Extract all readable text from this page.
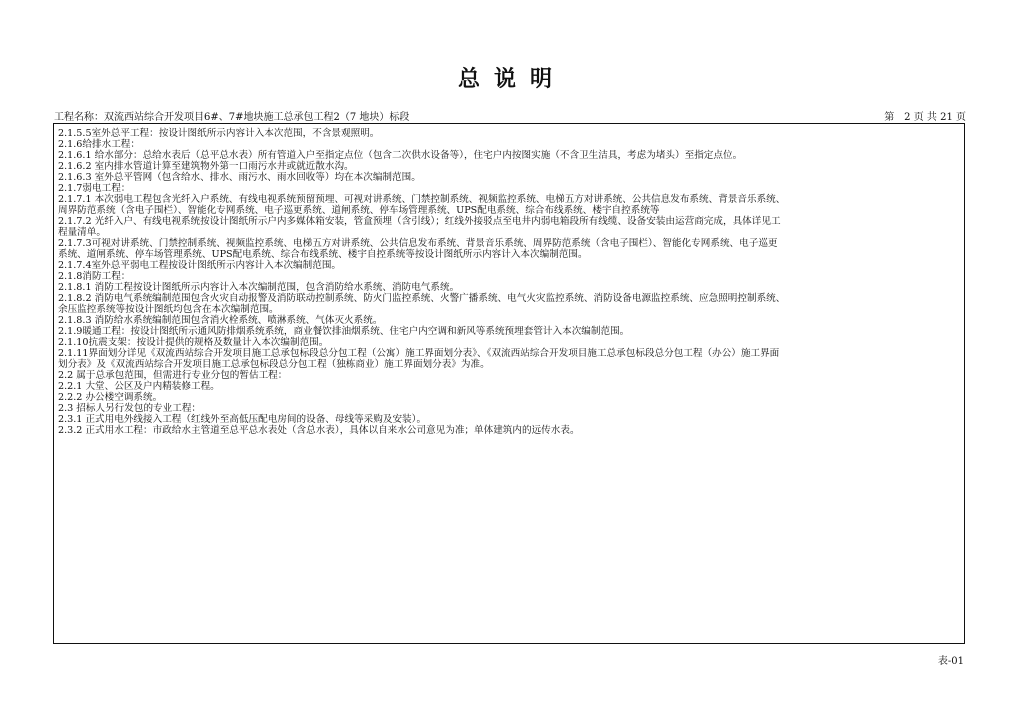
总说明
工程名称：双流西站综合开发项目6#、7#地块施工总承包工程2（7 地块）标段	第　2 页 共 21 页
2.1.5.5室外总平工程：按设计图纸所示内容计入本次范围，不含景观照明。
2.1.6给排水工程：
2.1.6.1 给水部分：总给水表后（总平总水表）所有管道入户至指定点位（包含二次供水设备等），住宅户内按图实施（不含卫生洁具，考虑为堵头）至指定点位。
2.1.6.2 室内排水管道计算至建筑物外第一口雨污水井或就近散水沟。
2.1.6.3 室外总平管网（包含给水、排水、雨污水、雨水回收等）均在本次编制范围。
2.1.7弱电工程：
2.1.7.1 本次弱电工程包含光纤入户系统、有线电视系统预留预埋、可视对讲系统、门禁控制系统、视频监控系统、电梯五方对讲系统、公共信息发布系统、背景音乐系统、
周界防范系统（含电子围栏）、智能化专网系统、电子巡更系统、道闸系统、停车场管理系统、UPS配电系统、综合布线系统、楼宇自控系统等
2.1.7.2 光纤入户、有线电视系统按设计图纸所示户内多媒体箱安装，管盒预埋（含引线）；红线外接驳点至电井内弱电箱段所有线缆、设备安装由运营商完成，具体详见工
程量清单。
2.1.7.3可视对讲系统、门禁控制系统、视频监控系统、电梯五方对讲系统、公共信息发布系统、背景音乐系统、周界防范系统（含电子围栏）、智能化专网系统、电子巡更
系统、道闸系统、停车场管理系统、UPS配电系统、综合布线系统、楼宇自控系统等按设计图纸所示内容计入本次编制范围。
2.1.7.4室外总平弱电工程按设计图纸所示内容计入本次编制范围。
2.1.8消防工程：
2.1.8.1 消防工程按设计图纸所示内容计入本次编制范围，包含消防给水系统、消防电气系统。
2.1.8.2 消防电气系统编制范围包含火灾自动报警及消防联动控制系统、防火门监控系统、火警广播系统、电气火灾监控系统、消防设备电源监控系统、应急照明控制系统、
余压监控系统等按设计图纸均包含在本次编制范围。
2.1.8.3 消防给水系统编制范围包含消火栓系统、喷淋系统、气体灭火系统。
2.1.9暖通工程：按设计图纸所示通风防排烟系统系统，商业餐饮排油烟系统、住宅户内空调和新风等系统预埋套管计入本次编制范围。
2.1.10抗震支架：按设计提供的规格及数量计入本次编制范围。
2.1.11界面划分详见《双流西站综合开发项目施工总承包标段总分包工程（公寓）施工界面划分表》、《双流西站综合开发项目施工总承包标段总分包工程（办公）施工界面
划分表》及《双流西站综合开发项目施工总承包标段总分包工程（独栋商业）施工界面划分表》为准。
2.2 属于总承包范围，但需进行专业分包的暂估工程：
2.2.1 大堂、公区及户内精装修工程。
2.2.2 办公楼空调系统。
2.3 招标人另行发包的专业工程：
2.3.1 正式用电外线接入工程（红线外至高低压配电房间的设备、母线等采购及安装）。
2.3.2 正式用水工程：市政给水主管道至总平总水表处（含总水表），具体以自来水公司意见为准；单体建筑内的远传水表。
表-01
